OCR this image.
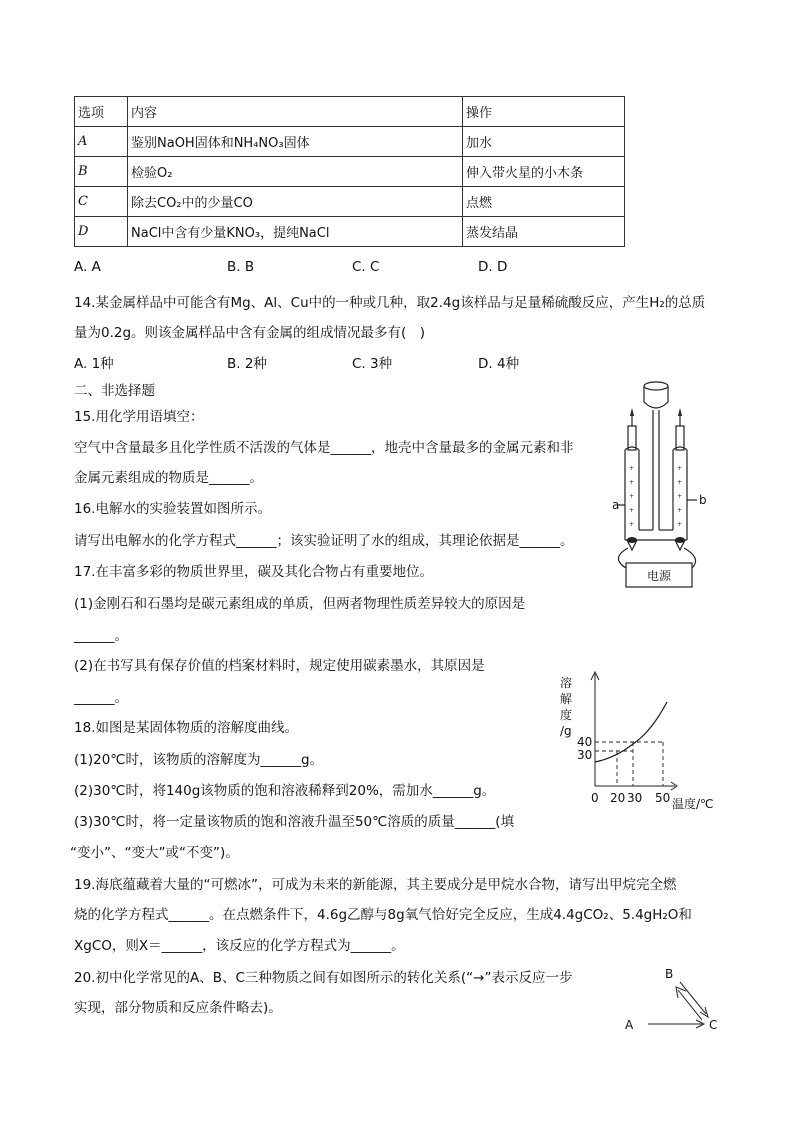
选项	内容	操作
A	鉴别NaOH固体和NH₄NO₃固体	加水
B	检验O₂	伸入带火星的小木条
C	除去CO₂中的少量CO	点燃
D	NaCl中含有少量KNO₃，提纯NaCl	蒸发结晶
A. A	B. B	C. C	D. D
14.某金属样品中可能含有Mg、Al、Cu中的一种或几种，取2.4g该样品与足量稀硫酸反应，产生H₂的总质
量为0.2g。则该金属样品中含有金属的组成情况最多有(　)
A. 1种	B. 2种	C. 3种	D. 4种
二、非选择题
15.用化学用语填空：
空气中含量最多且化学性质不活泼的气体是______，地壳中含量最多的金属元素和非
金属元素组成的物质是______。
16.电解水的实验装置如图所示。
请写出电解水的化学方程式______；该实验证明了水的组成，其理论依据是______。
17.在丰富多彩的物质世界里，碳及其化合物占有重要地位。
(1)金刚石和石墨均是碳元素组成的单质，但两者物理性质差异较大的原因是
______。
(2)在书写具有保存价值的档案材料时，规定使用碳素墨水，其原因是
______。
18.如图是某固体物质的溶解度曲线。
(1)20℃时，该物质的溶解度为______g。
(2)30℃时，将140g该物质的饱和溶液稀释到20%，需加水______g。
(3)30℃时，将一定量该物质的饱和溶液升温至50℃溶质的质量______(填
“变小”、“变大”或“不变”)。
19.海底蕴藏着大量的“可燃冰”，可成为未来的新能源，其主要成分是甲烷水合物，请写出甲烷完全燃
烧的化学方程式______。在点燃条件下，4.6g乙醇与8g氧气恰好完全反应，生成4.4gCO₂、5.4gH₂O和
XgCO，则X＝______，该反应的化学方程式为______。
20.初中化学常见的A、B、C三种物质之间有如图所示的转化关系(“→”表示反应一步
实现，部分物质和反应条件略去)。
+
+
+
+
+
+
+
+
+
+
a	b
电源
溶
解
度
/g
40
30
0 20 30 50 温度/℃
B
A	C
